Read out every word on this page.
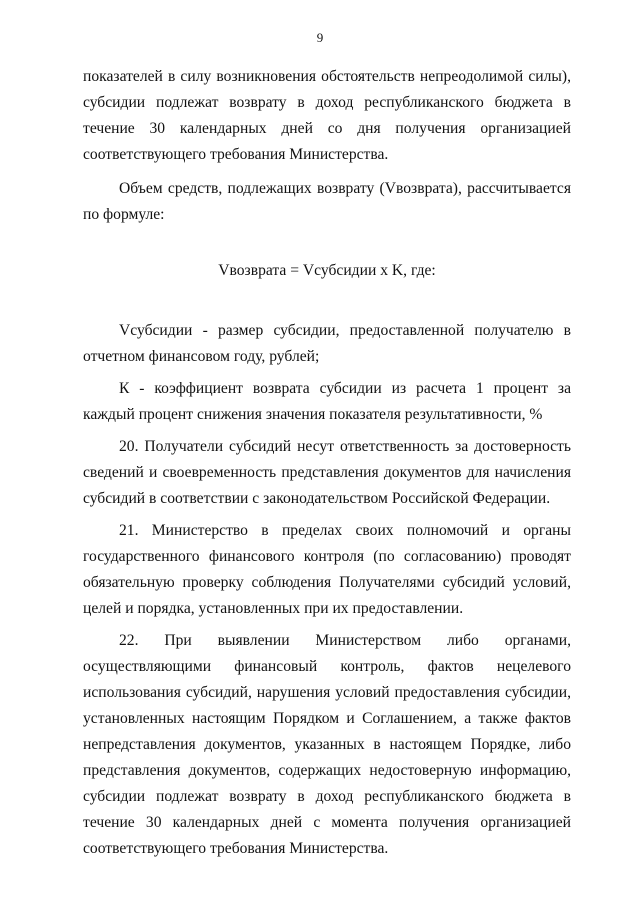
9

показателей в силу возникновения обстоятельств непреодолимой силы), субсидии подлежат возврату в доход республиканского бюджета в течение 30 календарных дней со дня получения организацией соответствующего требования Министерства.

Объем средств, подлежащих возврату (Vвозврата), рассчитывается по формуле:

Vвозврата = Vсубсидии x K, где:

Vсубсидии - размер субсидии, предоставленной получателю в отчетном финансовом году, рублей;

К - коэффициент возврата субсидии из расчета 1 процент за каждый процент снижения значения показателя результативности, %

20. Получатели субсидий несут ответственность за достоверность сведений и своевременность представления документов для начисления субсидий в соответствии с законодательством Российской Федерации.

21. Министерство в пределах своих полномочий и органы государственного финансового контроля (по согласованию) проводят обязательную проверку соблюдения Получателями субсидий условий, целей и порядка, установленных при их предоставлении.

22. При выявлении Министерством либо органами, осуществляющими финансовый контроль, фактов нецелевого использования субсидий, нарушения условий предоставления субсидии, установленных настоящим Порядком и Соглашением, а также фактов непредставления документов, указанных в настоящем Порядке, либо представления документов, содержащих недостоверную информацию, субсидии подлежат возврату в доход республиканского бюджета в течение 30 календарных дней с момента получения организацией соответствующего требования Министерства.
